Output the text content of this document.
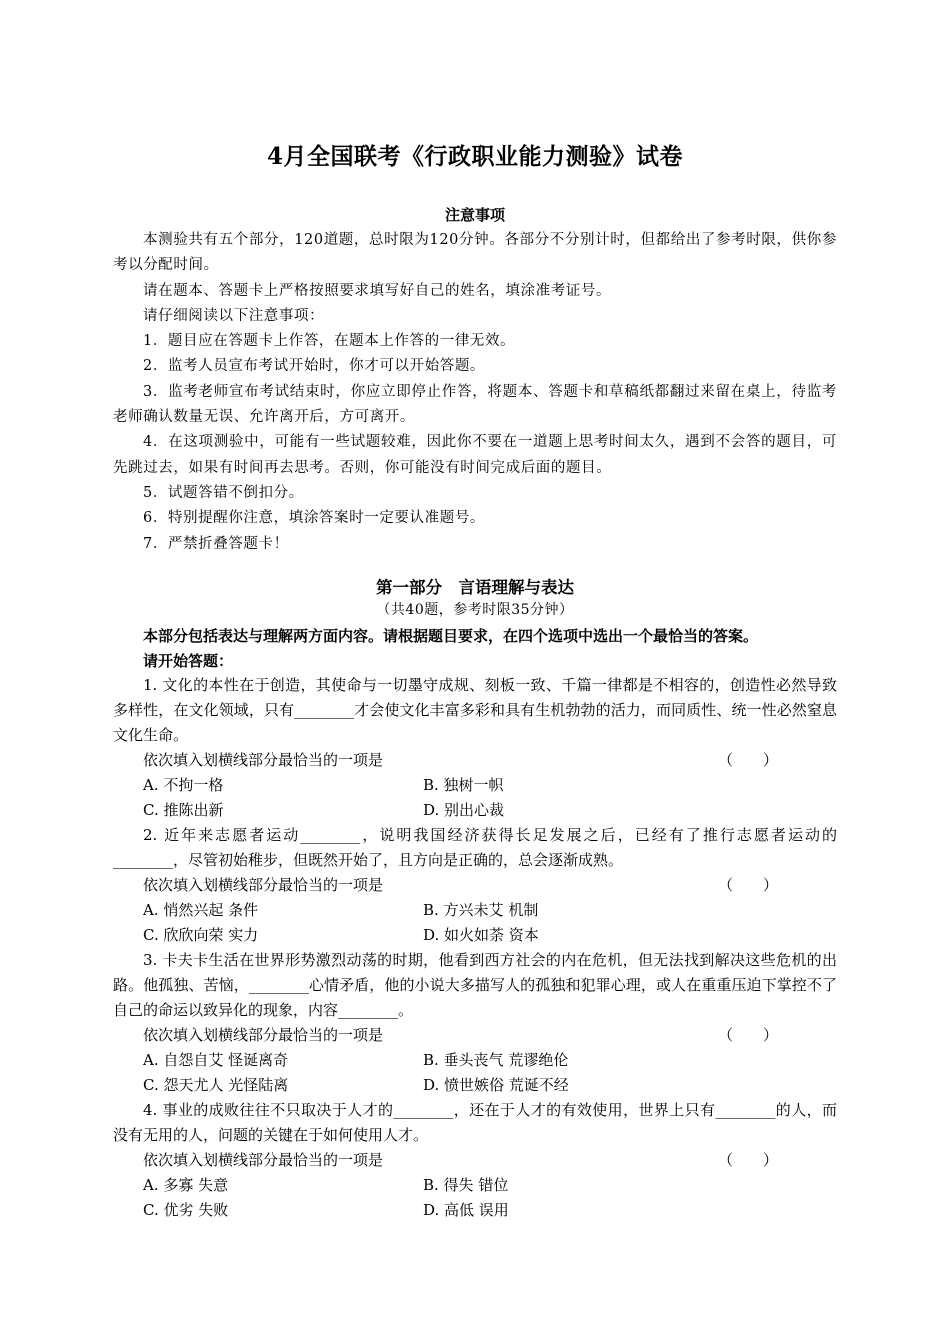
4月全国联考《行政职业能力测验》试卷
注意事项

本测验共有五个部分，120道题，总时限为120分钟。各部分不分别计时，但都给出了参考时限，供你参考以分配时间。

请在题本、答题卡上严格按照要求填写好自己的姓名，填涂准考证号。

请仔细阅读以下注意事项：

1．题目应在答题卡上作答，在题本上作答的一律无效。

2．监考人员宣布考试开始时，你才可以开始答题。

3．监考老师宣布考试结束时，你应立即停止作答，将题本、答题卡和草稿纸都翻过来留在桌上，待监考老师确认数量无误、允许离开后，方可离开。

4．在这项测验中，可能有一些试题较难，因此你不要在一道题上思考时间太久，遇到不会答的题目，可先跳过去，如果有时间再去思考。否则，你可能没有时间完成后面的题目。

5．试题答错不倒扣分。

6．特别提醒你注意，填涂答案时一定要认准题号。

7．严禁折叠答题卡！

第一部分　言语理解与表达
（共40题，参考时限35分钟）

本部分包括表达与理解两方面内容。请根据题目要求，在四个选项中选出一个最恰当的答案。

请开始答题：

1. 文化的本性在于创造，其使命与一切墨守成规、刻板一致、千篇一律都是不相容的，创造性必然导致多样性，在文化领域，只有________才会使文化丰富多彩和具有生机勃勃的活力，而同质性、统一性必然窒息文化生命。

依次填入划横线部分最恰当的一项是	（　　）

A. 不拘一格	B. 独树一帜

C. 推陈出新	D. 别出心裁

2. 近年来志愿者运动________，说明我国经济获得长足发展之后，已经有了推行志愿者运动的________，尽管初始稚步，但既然开始了，且方向是正确的，总会逐渐成熟。

依次填入划横线部分最恰当的一项是	（　　）

A. 悄然兴起 条件	B. 方兴未艾 机制

C. 欣欣向荣 实力	D. 如火如荼 资本

3. 卡夫卡生活在世界形势激烈动荡的时期，他看到西方社会的内在危机，但无法找到解决这些危机的出路。他孤独、苦恼，________心情矛盾，他的小说大多描写人的孤独和犯罪心理，或人在重重压迫下掌控不了自己的命运以致异化的现象，内容________。

依次填入划横线部分最恰当的一项是	（　　）

A. 自怨自艾 怪诞离奇	B. 垂头丧气 荒谬绝伦

C. 怨天尤人 光怪陆离	D. 愤世嫉俗 荒诞不经

4. 事业的成败往往不只取决于人才的________，还在于人才的有效使用，世界上只有________的人，而没有无用的人，问题的关键在于如何使用人才。

依次填入划横线部分最恰当的一项是	（　　）

A. 多寡 失意	B. 得失 错位

C. 优劣 失败	D. 高低 误用
